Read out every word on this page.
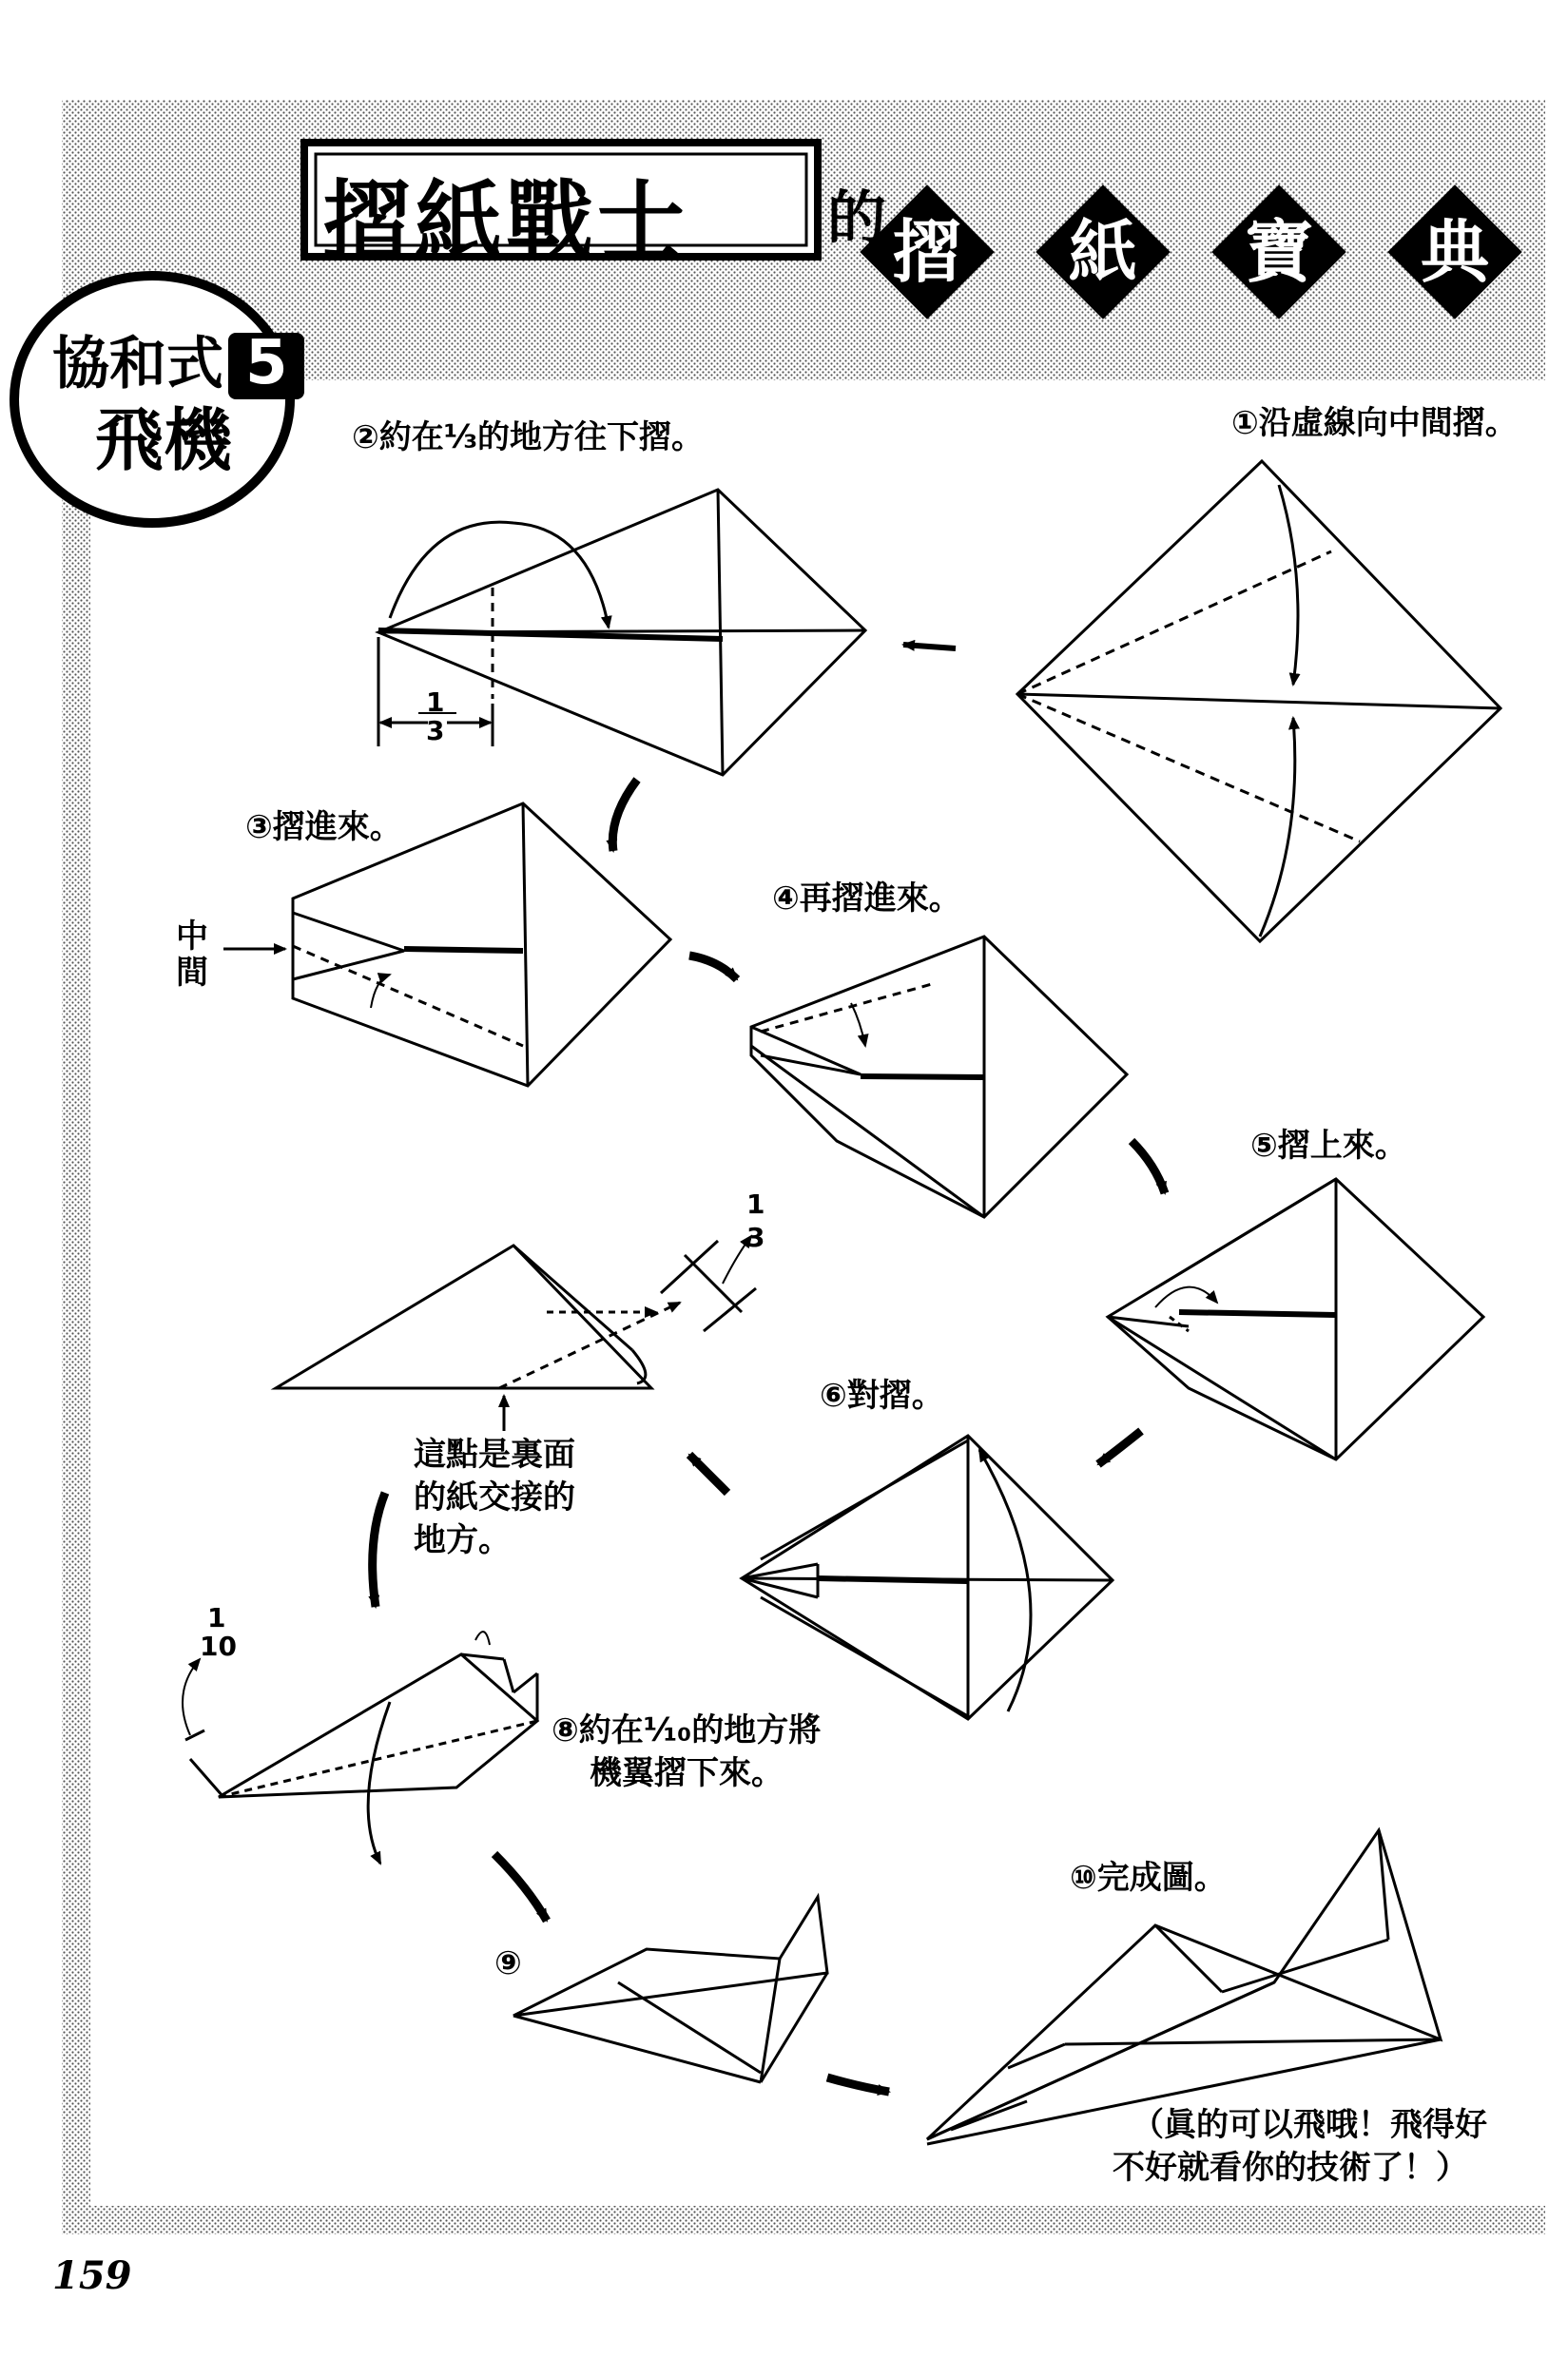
摺紙戰士 的 摺	紙	寶	典
協和式
飛機
5
①沿虛線向中間摺。
②約在⅓的地方往下摺。
③摺進來。
④再摺進來。
⑤摺上來。
⑥對摺。
⑧約在⅒的地方將
機翼摺下來。
⑨
⑩完成圖。
中
間
1
3
1
3
1
10
這點是裏面
的紙交接的
地方。
（眞的可以飛哦！飛得好
不好就看你的技術了！）
159
